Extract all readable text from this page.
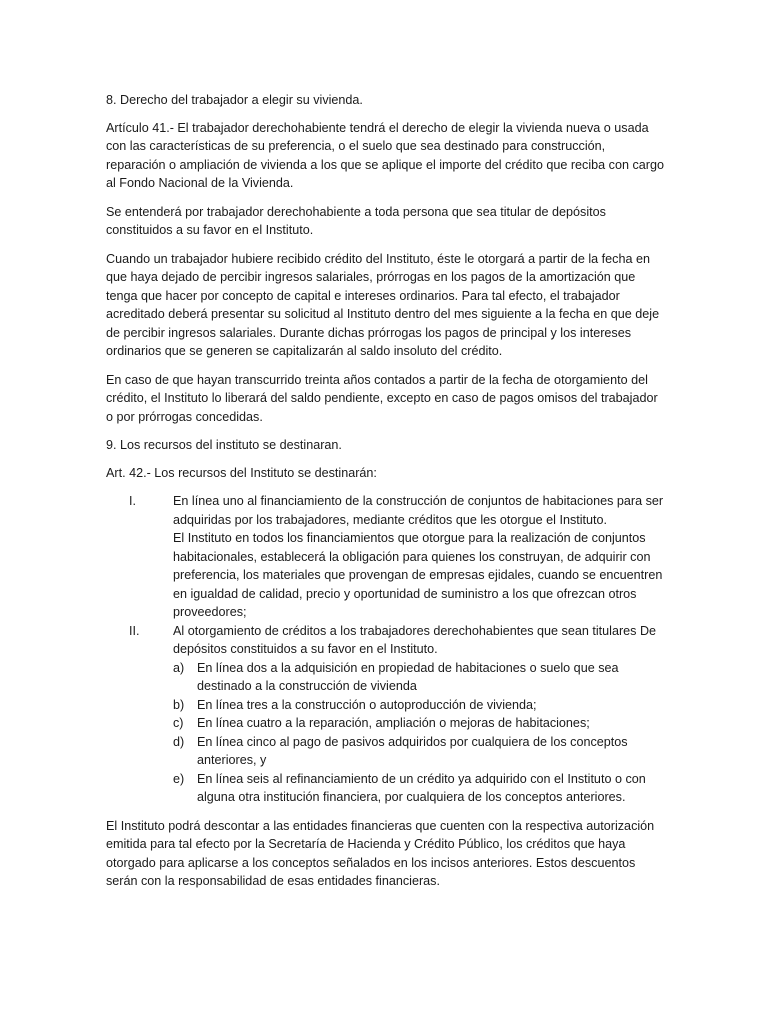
8. Derecho del trabajador a elegir su vivienda.

Artículo 41.- El trabajador derechohabiente tendrá el derecho de elegir la vivienda nueva o usada con las características de su preferencia, o el suelo que sea destinado para construcción, reparación o ampliación de vivienda a los que se aplique el importe del crédito que reciba con cargo al Fondo Nacional de la Vivienda.

Se entenderá por trabajador derechohabiente a toda persona que sea titular de depósitos constituidos a su favor en el Instituto.

Cuando un trabajador hubiere recibido crédito del Instituto, éste le otorgará a partir de la fecha en que haya dejado de percibir ingresos salariales, prórrogas en los pagos de la amortización que tenga que hacer por concepto de capital e intereses ordinarios. Para tal efecto, el trabajador acreditado deberá presentar su solicitud al Instituto dentro del mes siguiente a la fecha en que deje de percibir ingresos salariales. Durante dichas prórrogas los pagos de principal y los intereses ordinarios que se generen se capitalizarán al saldo insoluto del crédito.

En caso de que hayan transcurrido treinta años contados a partir de la fecha de otorgamiento del crédito, el Instituto lo liberará del saldo pendiente, excepto en caso de pagos omisos del trabajador o por prórrogas concedidas.

9. Los recursos del instituto se destinaran.

Art. 42.- Los recursos del Instituto se destinarán:

I.	En línea uno al financiamiento de la construcción de conjuntos de habitaciones para ser adquiridas por los trabajadores, mediante créditos que les otorgue el Instituto.
El Instituto en todos los financiamientos que otorgue para la realización de conjuntos habitacionales, establecerá la obligación para quienes los construyan, de adquirir con preferencia, los materiales que provengan de empresas ejidales, cuando se encuentren en igualdad de calidad, precio y oportunidad de suministro a los que ofrezcan otros proveedores;
II.	Al otorgamiento de créditos a los trabajadores derechohabientes que sean titulares De depósitos constituidos a su favor en el Instituto.
a) En línea dos a la adquisición en propiedad de habitaciones o suelo que sea destinado a la construcción de vivienda
b) En línea tres a la construcción o autoproducción de vivienda;
c) En línea cuatro a la reparación, ampliación o mejoras de habitaciones;
d) En línea cinco al pago de pasivos adquiridos por cualquiera de los conceptos anteriores, y
e) En línea seis al refinanciamiento de un crédito ya adquirido con el Instituto o con alguna otra institución financiera, por cualquiera de los conceptos anteriores.

El Instituto podrá descontar a las entidades financieras que cuenten con la respectiva autorización emitida para tal efecto por la Secretaría de Hacienda y Crédito Público, los créditos que haya otorgado para aplicarse a los conceptos señalados en los incisos anteriores. Estos descuentos serán con la responsabilidad de esas entidades financieras.
